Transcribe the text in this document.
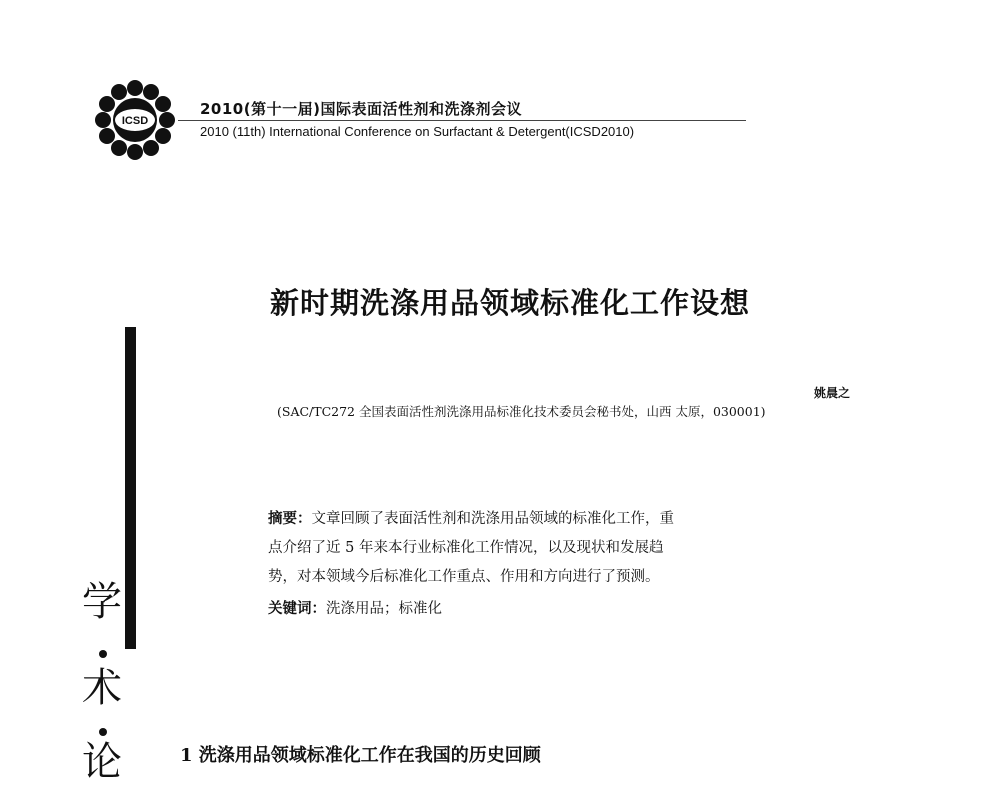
ICSD
2010(第十一届)国际表面活性剂和洗涤剂会议
2010 (11th) International Conference on Surfactant & Detergent(ICSD2010)
新时期洗涤用品领域标准化工作设想
姚晨之
(SAC/TC272 全国表面活性剂洗涤用品标准化技术委员会秘书处，山西 太原，030001)
摘要：文章回顾了表面活性剂和洗涤用品领域的标准化工作，重
点介绍了近 5 年来本行业标准化工作情况，以及现状和发展趋
势，对本领域今后标准化工作重点、作用和方向进行了预测。
关键词：洗涤用品；标准化
学
术
论	1 洗涤用品领域标准化工作在我国的历史回顾
